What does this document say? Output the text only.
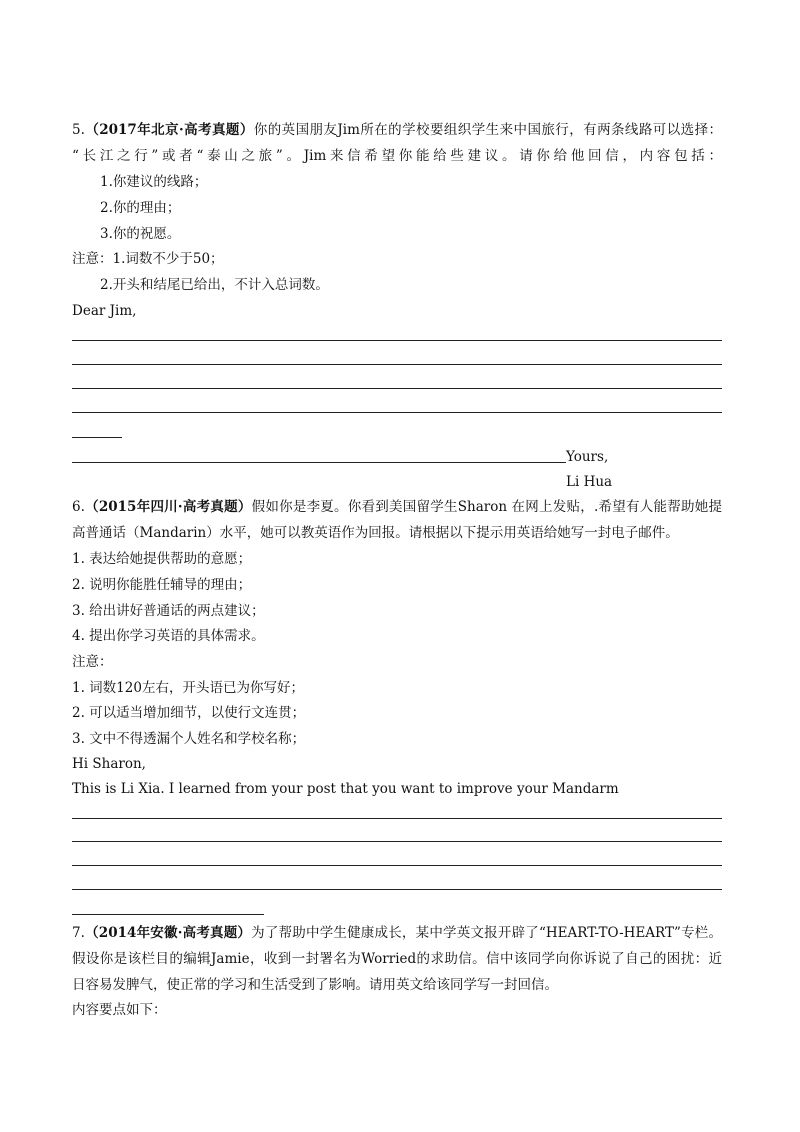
5.（2017年北京·高考真题）你的英国朋友Jim所在的学校要组织学生来中国旅行，有两条线路可以选择：
“长江之行”或者“泰山之旅”。Jim来信希望你能给些建议。请你给他回信，内容包括：
1.你建议的线路；
2.你的理由；
3.你的祝愿。
注意：1.词数不少于50；
2.开头和结尾已给出，不计入总词数。
Dear Jim,
Yours,
Li Hua
6.（2015年四川·高考真题）假如你是李夏。你看到美国留学生Sharon 在网上发贴，.希望有人能帮助她提
高普通话（Mandarin）水平，她可以教英语作为回报。请根据以下提示用英语给她写一封电子邮件。
1. 表达给她提供帮助的意愿；
2. 说明你能胜任辅导的理由；
3. 给出讲好普通话的两点建议；
4. 提出你学习英语的具体需求。
注意：
1. 词数120左右，开头语已为你写好；
2. 可以适当增加细节，以使行文连贯；
3. 文中不得透漏个人姓名和学校名称；
Hi Sharon,
This is Li Xia. I learned from your post that you want to improve your Mandarm
7.（2014年安徽·高考真题）为了帮助中学生健康成长，某中学英文报开辟了“HEART-TO-HEART”专栏。
假设你是该栏目的编辑Jamie，收到一封署名为Worried的求助信。信中该同学向你诉说了自己的困扰：近
日容易发脾气，使正常的学习和生活受到了影响。请用英文给该同学写一封回信。
内容要点如下：
